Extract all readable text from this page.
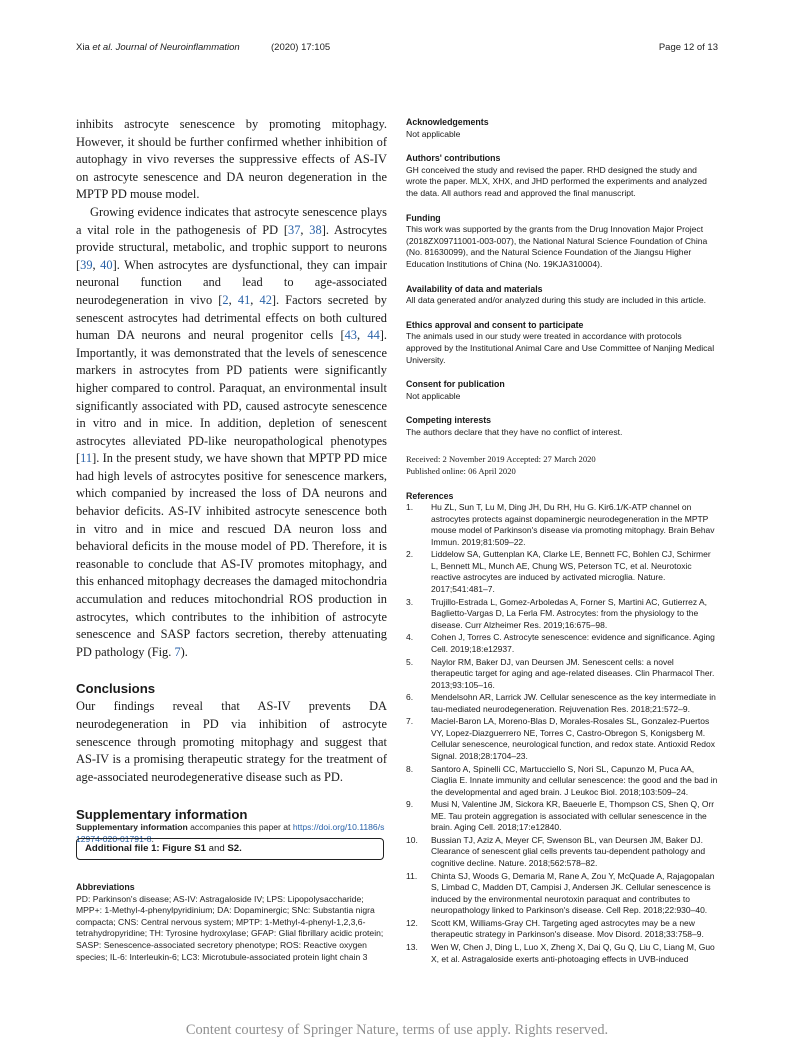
Xia et al. Journal of Neuroinflammation	(2020) 17:105	Page 12 of 13

inhibits astrocyte senescence by promoting mitophagy. However, it should be further confirmed whether inhibition of autophagy in vivo reverses the suppressive effects of AS-IV on astrocyte senescence and DA neuron degeneration in the MPTP PD mouse model.

Growing evidence indicates that astrocyte senescence plays a vital role in the pathogenesis of PD [37, 38]. Astrocytes provide structural, metabolic, and trophic support to neurons [39, 40]. When astrocytes are dysfunctional, they can impair neuronal function and lead to age-associated neurodegeneration in vivo [2, 41, 42]. Factors secreted by senescent astrocytes had detrimental effects on both cultured human DA neurons and neural progenitor cells [43, 44]. Importantly, it was demonstrated that the levels of senescence markers in astrocytes from PD patients were significantly higher compared to control. Paraquat, an environmental insult significantly associated with PD, caused astrocyte senescence in vitro and in mice. In addition, depletion of senescent astrocytes alleviated PD-like neuropathological phenotypes [11]. In the present study, we have shown that MPTP PD mice had high levels of astrocytes positive for senescence markers, which companied by increased the loss of DA neurons and behavior deficits. AS-IV inhibited astrocyte senescence both in vitro and in mice and rescued DA neuron loss and behavioral deficits in the mouse model of PD. Therefore, it is reasonable to conclude that AS-IV promotes mitophagy, and this enhanced mitophagy decreases the damaged mitochondria accumulation and reduces mitochondrial ROS production in astrocytes, which contributes to the inhibition of astrocyte senescence and SASP factors secretion, thereby attenuating PD pathology (Fig. 7).

Conclusions

Our findings reveal that AS-IV prevents DA neurodegeneration in PD via inhibition of astrocyte senescence through promoting mitophagy and suggest that AS-IV is a promising therapeutic strategy for the treatment of age-associated neurodegenerative disease such as PD.

Supplementary information

Supplementary information accompanies this paper at https://doi.org/10.1186/s12974-020-01791-8.

Additional file 1: Figure S1 and S2.
Abbreviations

PD: Parkinson's disease; AS-IV: Astragaloside IV; LPS: Lipopolysaccharide; MPP+: 1-Methyl-4-phenylpyridinium; DA: Dopaminergic; SNc: Substantia nigra compacta; CNS: Central nervous system; MPTP: 1-Methyl-4-phenyl-1,2,3,6-tetrahydropyridine; TH: Tyrosine hydroxylase; GFAP: Glial fibrillary acidic protein; SASP: Senescence-associated secretory phenotype; ROS: Reactive oxygen species; IL-6: Interleukin-6; LC3: Microtubule-associated protein light chain 3

Acknowledgements

Not applicable

Authors' contributions

GH conceived the study and revised the paper. RHD designed the study and wrote the paper. MLX, XHX, and JHD performed the experiments and analyzed the data. All authors read and approved the final manuscript.

Funding

This work was supported by the grants from the Drug Innovation Major Project (2018ZX09711001-003-007), the National Natural Science Foundation of China (No. 81630099), and the Natural Science Foundation of the Jiangsu Higher Education Institutions of China (No. 19KJA310004).

Availability of data and materials

All data generated and/or analyzed during this study are included in this article.

Ethics approval and consent to participate

The animals used in our study were treated in accordance with protocols approved by the Institutional Animal Care and Use Committee of Nanjing Medical University.

Consent for publication

Not applicable

Competing interests

The authors declare that they have no conflict of interest.

Received: 2 November 2019 Accepted: 27 March 2020

Published online: 06 April 2020

References
1. Hu ZL, Sun T, Lu M, Ding JH, Du RH, Hu G. Kir6.1/K-ATP channel on astrocytes protects against dopaminergic neurodegeneration in the MPTP mouse model of Parkinson's disease via promoting mitophagy. Brain Behav Immun. 2019;81:509–22.
2. Liddelow SA, Guttenplan KA, Clarke LE, Bennett FC, Bohlen CJ, Schirmer L, Bennett ML, Munch AE, Chung WS, Peterson TC, et al. Neurotoxic reactive astrocytes are induced by activated microglia. Nature. 2017;541:481–7.
3. Trujillo-Estrada L, Gomez-Arboledas A, Forner S, Martini AC, Gutierrez A, Baglietto-Vargas D, La Ferla FM. Astrocytes: from the physiology to the disease. Curr Alzheimer Res. 2019;16:675–98.
4. Cohen J, Torres C. Astrocyte senescence: evidence and significance. Aging Cell. 2019;18:e12937.
5. Naylor RM, Baker DJ, van Deursen JM. Senescent cells: a novel therapeutic target for aging and age-related diseases. Clin Pharmacol Ther. 2013;93:105–16.
6. Mendelsohn AR, Larrick JW. Cellular senescence as the key intermediate in tau-mediated neurodegeneration. Rejuvenation Res. 2018;21:572–9.
7. Maciel-Baron LA, Moreno-Blas D, Morales-Rosales SL, Gonzalez-Puertos VY, Lopez-Diazguerrero NE, Torres C, Castro-Obregon S, Konigsberg M. Cellular senescence, neurological function, and redox state. Antioxid Redox Signal. 2018;28:1704–23.
8. Santoro A, Spinelli CC, Martucciello S, Nori SL, Capunzo M, Puca AA, Ciaglia E. Innate immunity and cellular senescence: the good and the bad in the developmental and aged brain. J Leukoc Biol. 2018;103:509–24.
9. Musi N, Valentine JM, Sickora KR, Baeuerle E, Thompson CS, Shen Q, Orr ME. Tau protein aggregation is associated with cellular senescence in the brain. Aging Cell. 2018;17:e12840.
10. Bussian TJ, Aziz A, Meyer CF, Swenson BL, van Deursen JM, Baker DJ. Clearance of senescent glial cells prevents tau-dependent pathology and cognitive decline. Nature. 2018;562:578–82.
11. Chinta SJ, Woods G, Demaria M, Rane A, Zou Y, McQuade A, Rajagopalan S, Limbad C, Madden DT, Campisi J, Andersen JK. Cellular senescence is induced by the environmental neurotoxin paraquat and contributes to neuropathology linked to Parkinson's disease. Cell Rep. 2018;22:930–40.
12. Scott KM, Williams-Gray CH. Targeting aged astrocytes may be a new therapeutic strategy in Parkinson's disease. Mov Disord. 2018;33:758–9.
13. Wen W, Chen J, Ding L, Luo X, Zheng X, Dai Q, Gu Q, Liu C, Liang M, Guo X, et al. Astragaloside exerts anti-photoaging effects in UVB-induced
Content courtesy of Springer Nature, terms of use apply. Rights reserved.
